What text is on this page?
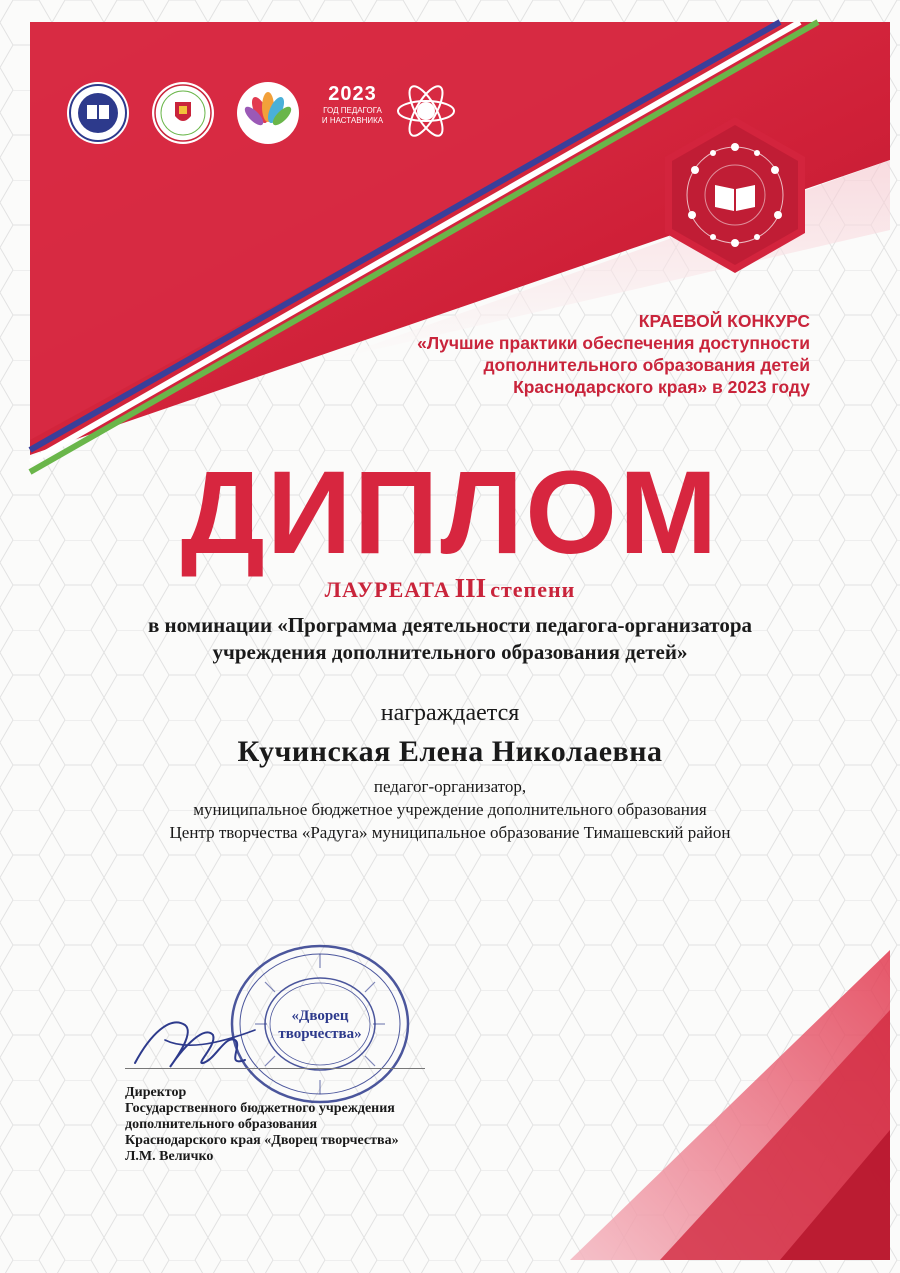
2023
ГОД ПЕДАГОГА
И НАСТАВНИКА
КРАЕВОЙ КОНКУРС
«Лучшие практики обеспечения доступности
дополнительного образования детей
Краснодарского края» в 2023 году
ДИПЛОМ
ЛАУРЕАТА III степени
в номинации «Программа деятельности педагога-организатора
учреждения дополнительного образования детей»
награждается
Кучинская Елена Николаевна
педагог-организатор,
муниципальное бюджетное учреждение дополнительного образования
Центр творчества «Радуга» муниципальное образование Тимашевский район
«Дворец
творчества»
Директор
Государственного бюджетного учреждения
дополнительного образования
Краснодарского края «Дворец творчества»
Л.М. Величко
